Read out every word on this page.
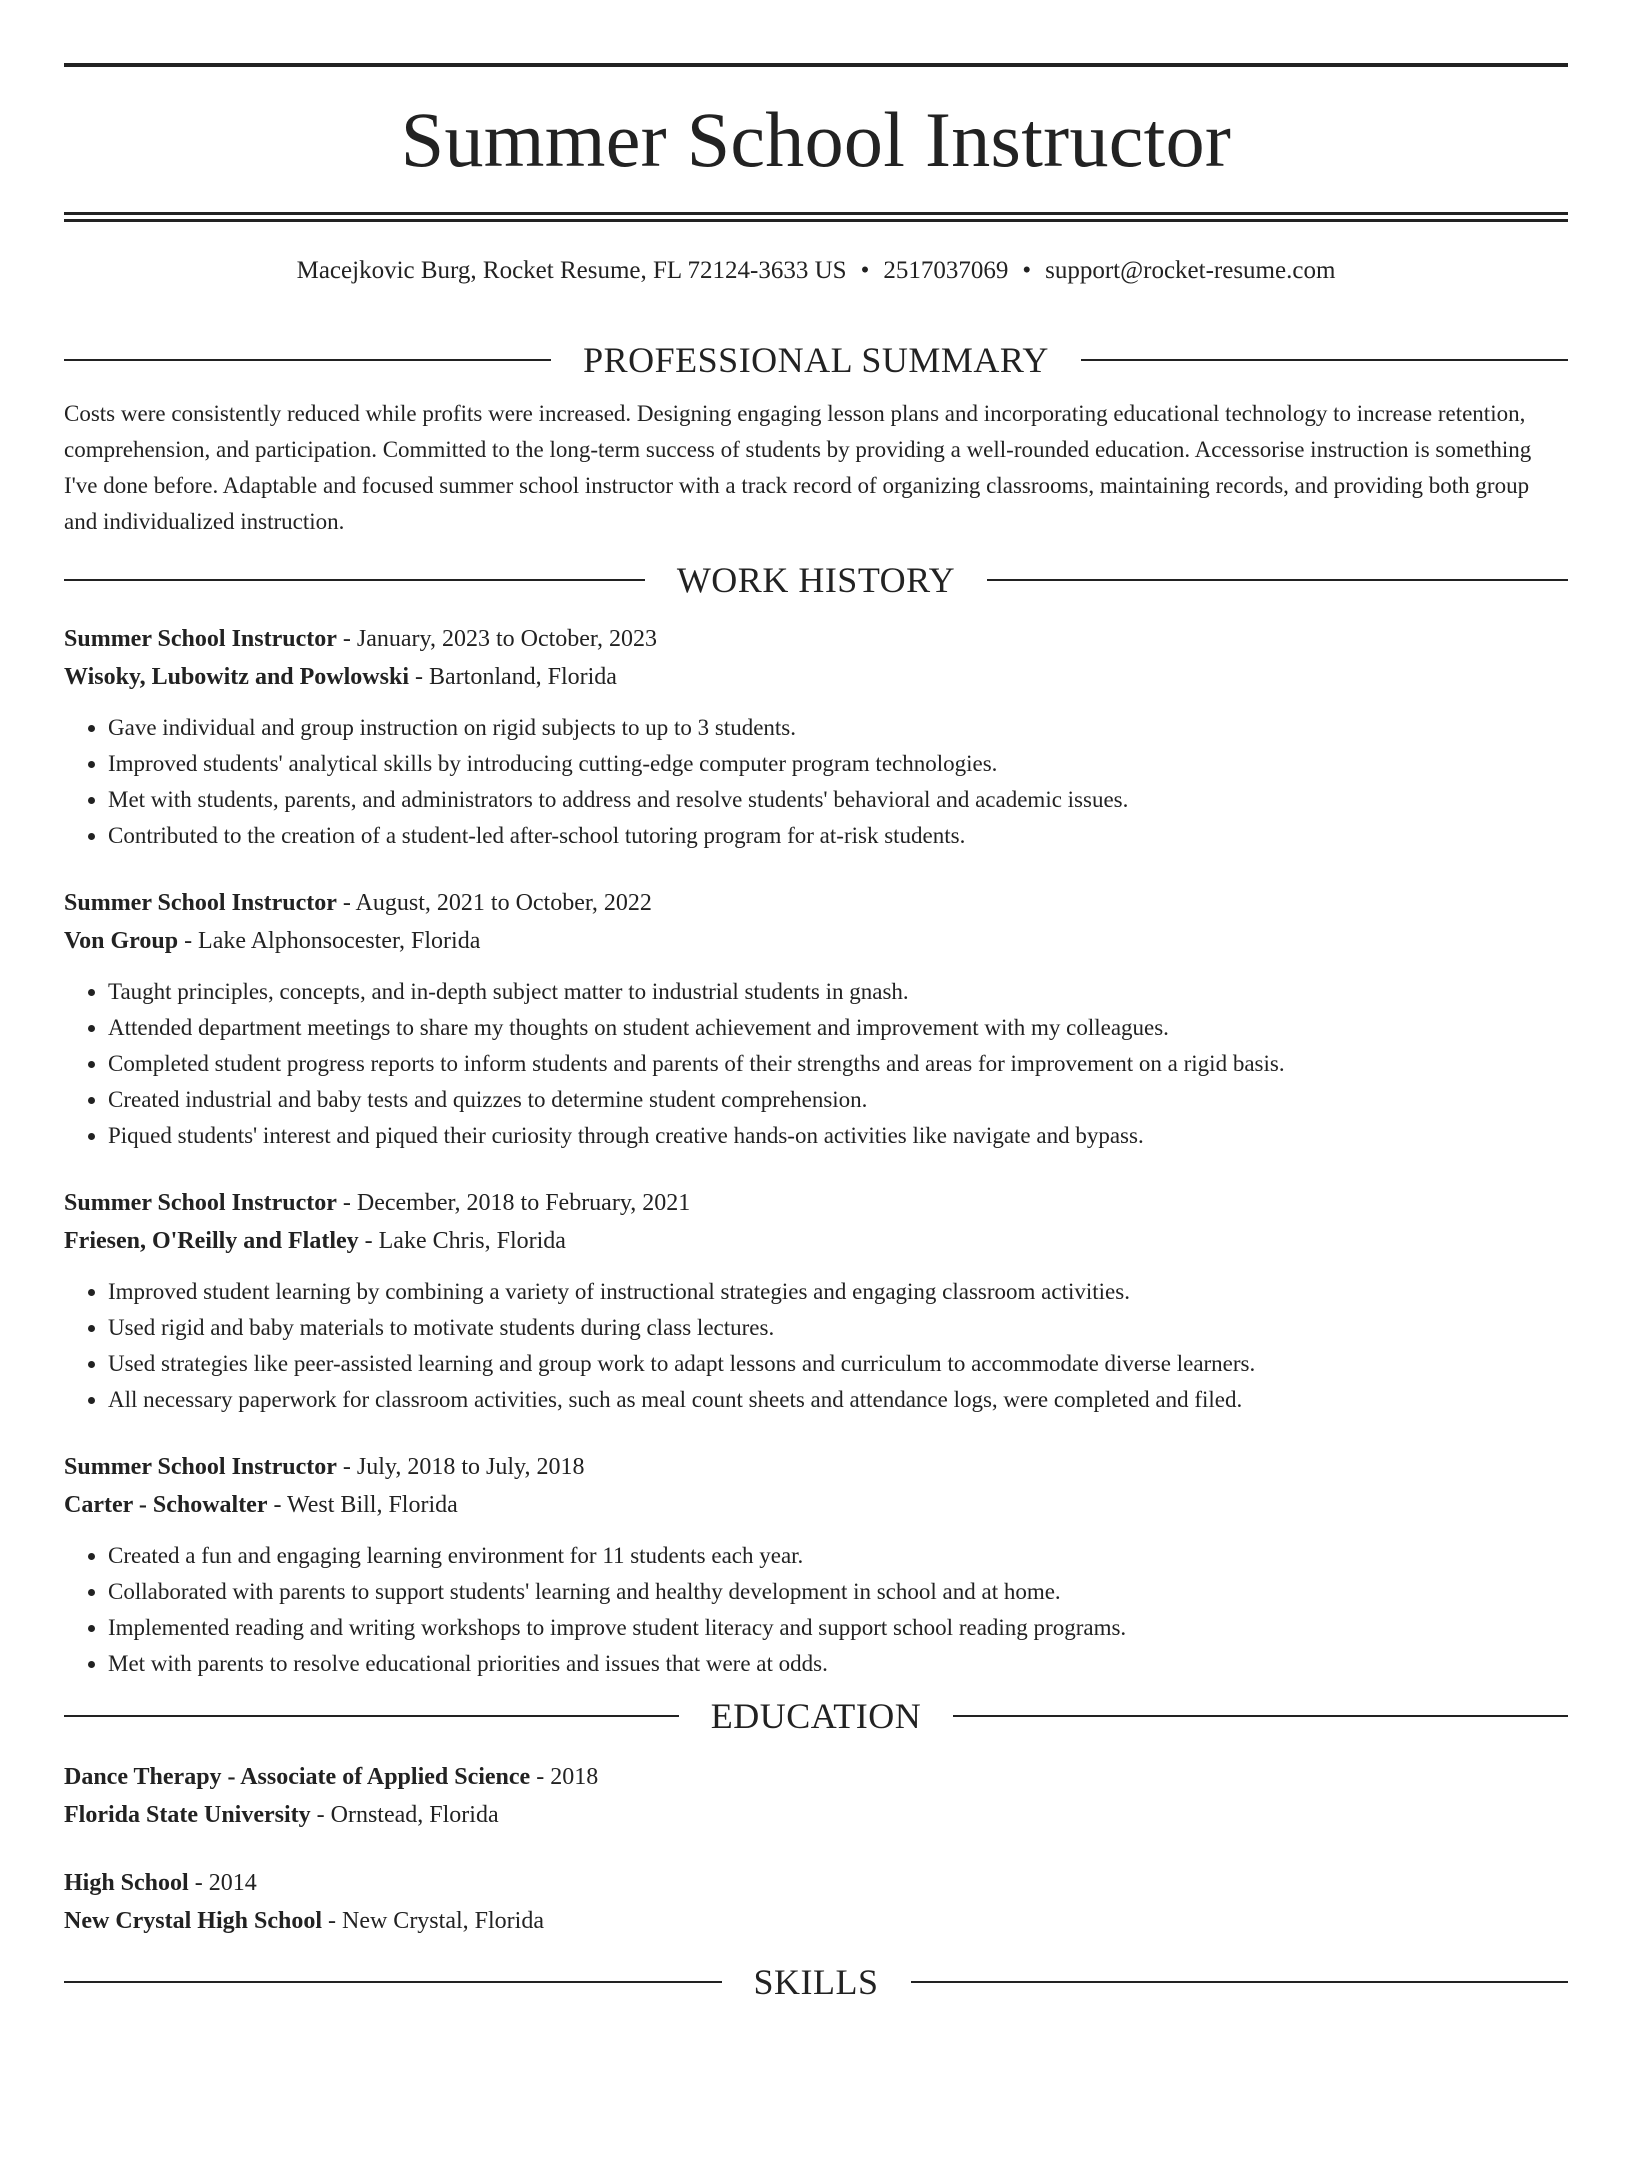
Summer School Instructor
Macejkovic Burg, Rocket Resume, FL 72124-3633 US • 2517037069 • support@rocket-resume.com
PROFESSIONAL SUMMARY
Costs were consistently reduced while profits were increased. Designing engaging lesson plans and incorporating educational technology to increase retention, comprehension, and participation. Committed to the long-term success of students by providing a well-rounded education. Accessorise instruction is something I've done before. Adaptable and focused summer school instructor with a track record of organizing classrooms, maintaining records, and providing both group and individualized instruction.
WORK HISTORY
Summer School Instructor - January, 2023 to October, 2023
Wisoky, Lubowitz and Powlowski - Bartonland, Florida
• Gave individual and group instruction on rigid subjects to up to 3 students.
• Improved students' analytical skills by introducing cutting-edge computer program technologies.
• Met with students, parents, and administrators to address and resolve students' behavioral and academic issues.
• Contributed to the creation of a student-led after-school tutoring program for at-risk students.
Summer School Instructor - August, 2021 to October, 2022
Von Group - Lake Alphonsocester, Florida
• Taught principles, concepts, and in-depth subject matter to industrial students in gnash.
• Attended department meetings to share my thoughts on student achievement and improvement with my colleagues.
• Completed student progress reports to inform students and parents of their strengths and areas for improvement on a rigid basis.
• Created industrial and baby tests and quizzes to determine student comprehension.
• Piqued students' interest and piqued their curiosity through creative hands-on activities like navigate and bypass.
Summer School Instructor - December, 2018 to February, 2021
Friesen, O'Reilly and Flatley - Lake Chris, Florida
• Improved student learning by combining a variety of instructional strategies and engaging classroom activities.
• Used rigid and baby materials to motivate students during class lectures.
• Used strategies like peer-assisted learning and group work to adapt lessons and curriculum to accommodate diverse learners.
• All necessary paperwork for classroom activities, such as meal count sheets and attendance logs, were completed and filed.
Summer School Instructor - July, 2018 to July, 2018
Carter - Schowalter - West Bill, Florida
• Created a fun and engaging learning environment for 11 students each year.
• Collaborated with parents to support students' learning and healthy development in school and at home.
• Implemented reading and writing workshops to improve student literacy and support school reading programs.
• Met with parents to resolve educational priorities and issues that were at odds.
EDUCATION
Dance Therapy - Associate of Applied Science - 2018
Florida State University - Ornstead, Florida
High School - 2014
New Crystal High School - New Crystal, Florida
SKILLS
